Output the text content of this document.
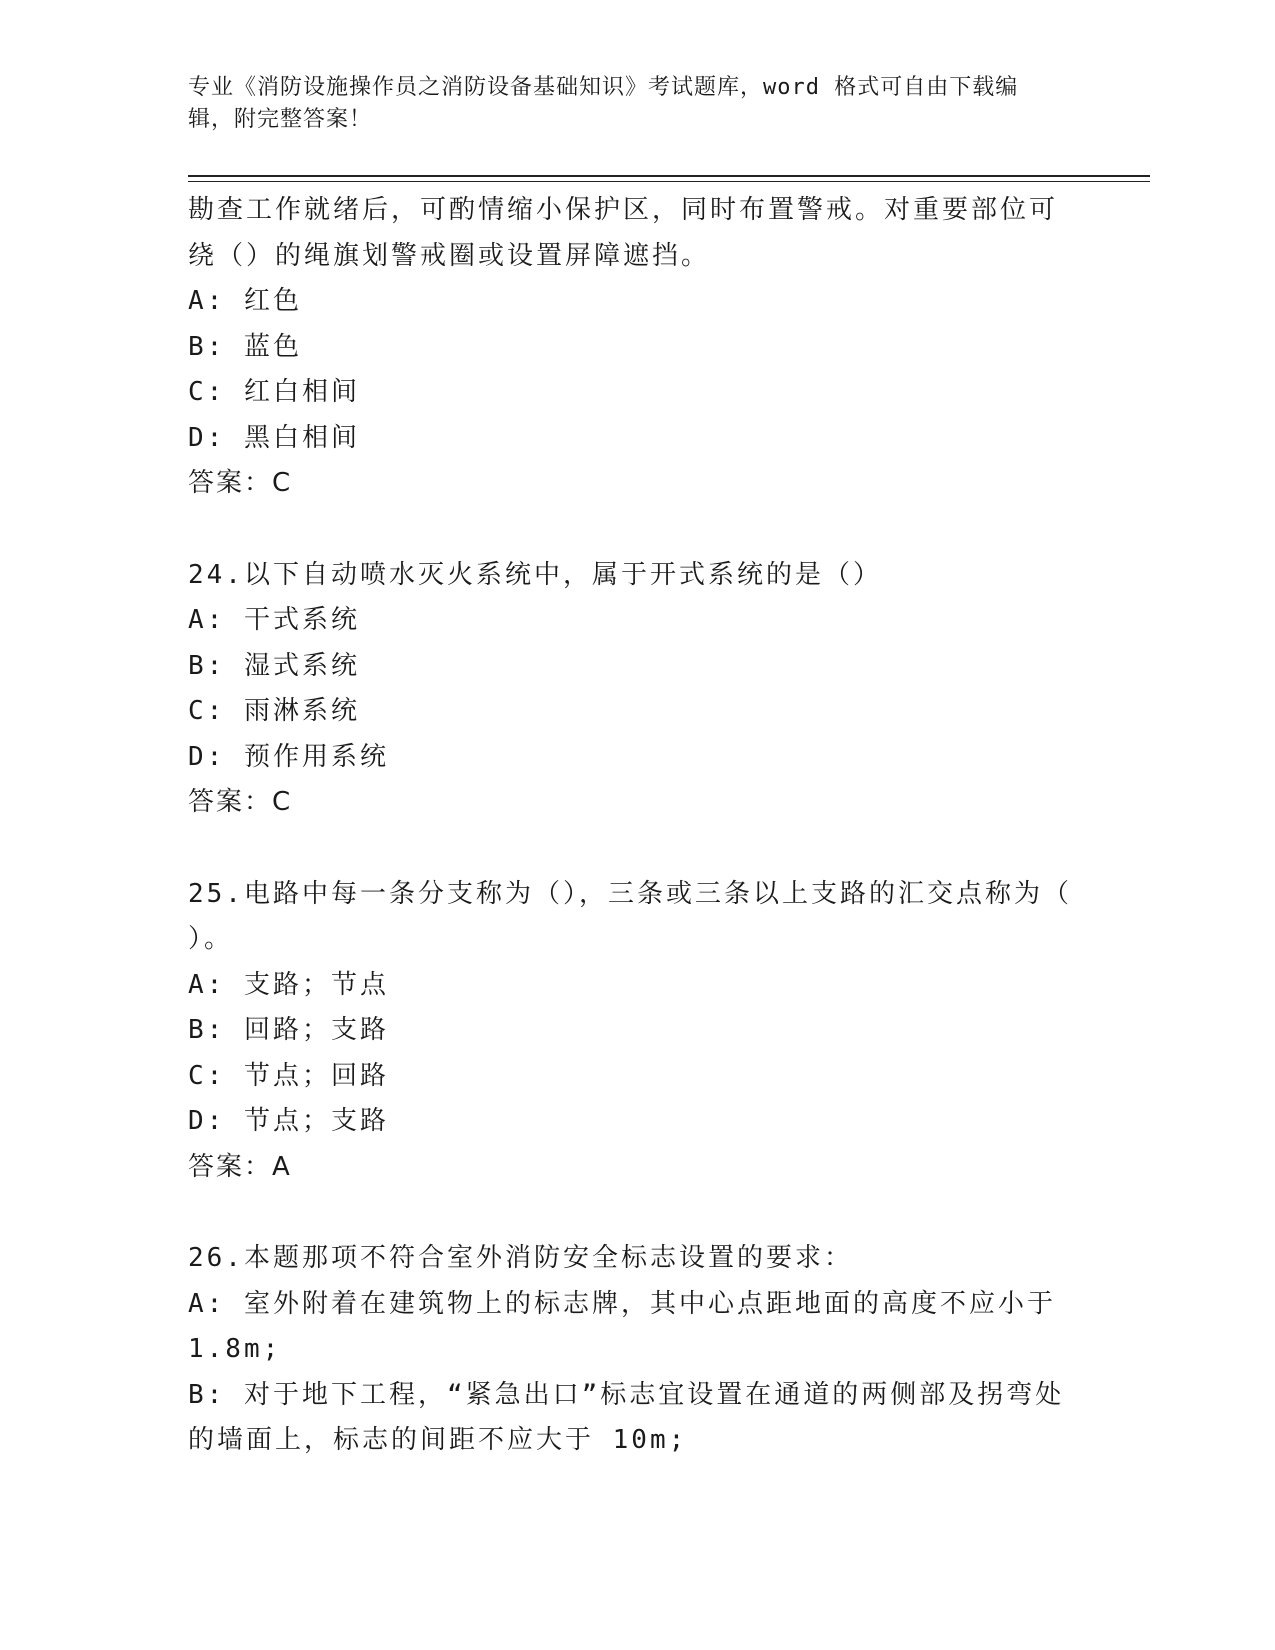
专业《消防设施操作员之消防设备基础知识》考试题库，word 格式可自由下载编
辑，附完整答案！
勘查工作就绪后，可酌情缩小保护区，同时布置警戒。对重要部位可
绕（）的绳旗划警戒圈或设置屏障遮挡。
A: 红色
B: 蓝色
C: 红白相间
D: 黑白相间
答案：C
24.以下自动喷水灭火系统中，属于开式系统的是（）
A: 干式系统
B: 湿式系统
C: 雨淋系统
D: 预作用系统
答案：C
25.电路中每一条分支称为（），三条或三条以上支路的汇交点称为（
）。
A: 支路；节点
B: 回路；支路
C: 节点；回路
D: 节点；支路
答案：A
26.本题那项不符合室外消防安全标志设置的要求：
A: 室外附着在建筑物上的标志牌，其中心点距地面的高度不应小于
1.8m;
B: 对于地下工程，“紧急出口”标志宜设置在通道的两侧部及拐弯处
的墙面上，标志的间距不应大于 10m;
